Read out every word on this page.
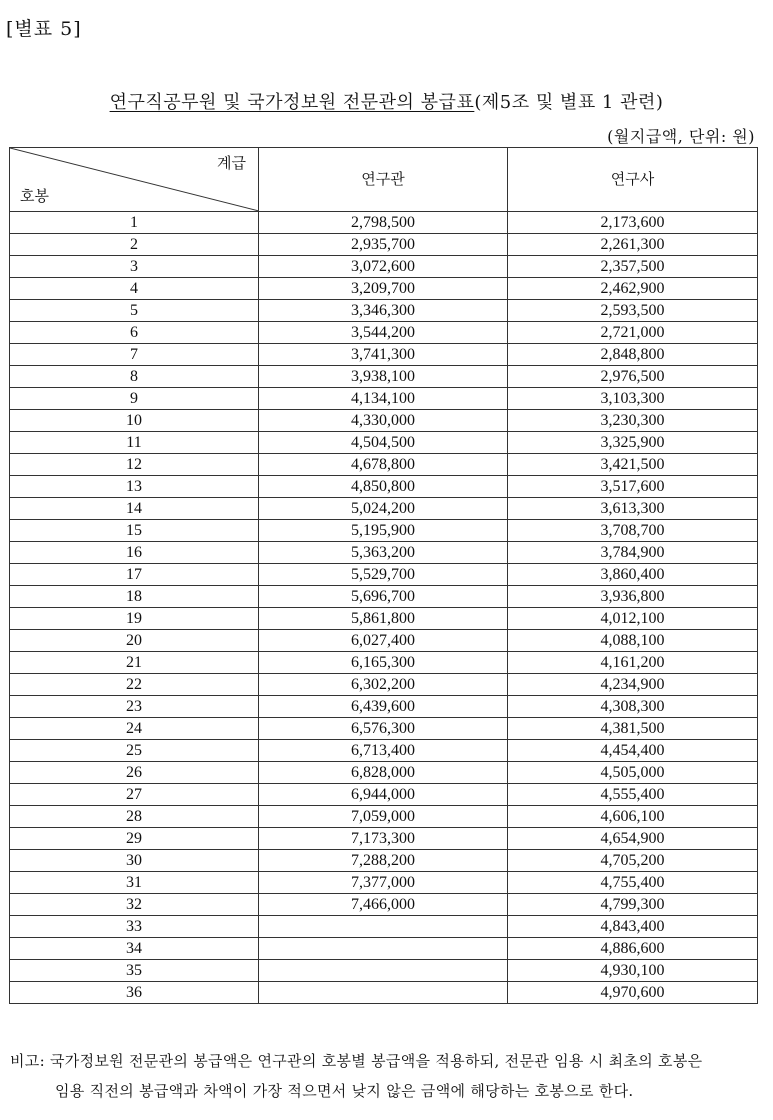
[별표 5]
연구직공무원 및 국가정보원 전문관의 봉급표(제5조 및 별표 1 관련)
(월지급액, 단위: 원)
계급
호봉	연구관	연구사
1	2,798,500	2,173,600
2	2,935,700	2,261,300
3	3,072,600	2,357,500
4	3,209,700	2,462,900
5	3,346,300	2,593,500
6	3,544,200	2,721,000
7	3,741,300	2,848,800
8	3,938,100	2,976,500
9	4,134,100	3,103,300
10	4,330,000	3,230,300
11	4,504,500	3,325,900
12	4,678,800	3,421,500
13	4,850,800	3,517,600
14	5,024,200	3,613,300
15	5,195,900	3,708,700
16	5,363,200	3,784,900
17	5,529,700	3,860,400
18	5,696,700	3,936,800
19	5,861,800	4,012,100
20	6,027,400	4,088,100
21	6,165,300	4,161,200
22	6,302,200	4,234,900
23	6,439,600	4,308,300
24	6,576,300	4,381,500
25	6,713,400	4,454,400
26	6,828,000	4,505,000
27	6,944,000	4,555,400
28	7,059,000	4,606,100
29	7,173,300	4,654,900
30	7,288,200	4,705,200
31	7,377,000	4,755,400
32	7,466,000	4,799,300
33		4,843,400
34		4,886,600
35		4,930,100
36		4,970,600
비고: 국가정보원 전문관의 봉급액은 연구관의 호봉별 봉급액을 적용하되, 전문관 임용 시 최초의 호봉은
임용 직전의 봉급액과 차액이 가장 적으면서 낮지 않은 금액에 해당하는 호봉으로 한다.
